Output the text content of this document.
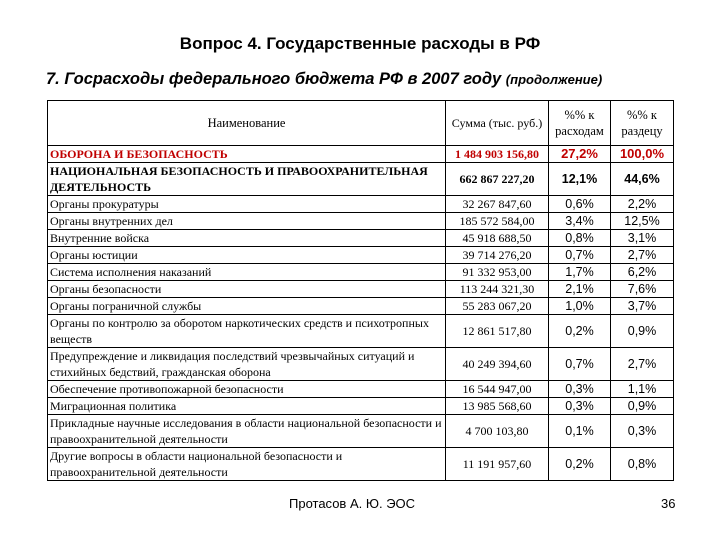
Вопрос 4. Государственные расходы в РФ
7. Госрасходы федерального бюджета РФ в 2007 году (продолжение)
Наименование	Сумма (тыс. руб.)	%% к расходам	%% к раздецу
ОБОРОНА И БЕЗОПАСНОСТЬ	1 484 903 156,80	27,2%	100,0%
НАЦИОНАЛЬНАЯ БЕЗОПАСНОСТЬ И ПРАВООХРАНИТЕЛЬНАЯ ДЕЯТЕЛЬНОСТЬ	662 867 227,20	12,1%	44,6%
Органы прокуратуры	32 267 847,60	0,6%	2,2%
Органы внутренних дел	185 572 584,00	3,4%	12,5%
Внутренние войска	45 918 688,50	0,8%	3,1%
Органы юстиции	39 714 276,20	0,7%	2,7%
Система исполнения наказаний	91 332 953,00	1,7%	6,2%
Органы безопасности	113 244 321,30	2,1%	7,6%
Органы пограничной службы	55 283 067,20	1,0%	3,7%
Органы по контролю за оборотом наркотических средств и психотропных веществ	12 861 517,80	0,2%	0,9%
Предупреждение и ликвидация последствий чрезвычайных ситуаций и стихийных бедствий, гражданская оборона	40 249 394,60	0,7%	2,7%
Обеспечение противопожарной безопасности	16 544 947,00	0,3%	1,1%
Миграционная политика	13 985 568,60	0,3%	0,9%
Прикладные научные исследования в области национальной безопасности и правоохранительной деятельности	4 700 103,80	0,1%	0,3%
Другие вопросы в области национальной безопасности и правоохранительной деятельности	11 191 957,60	0,2%	0,8%
Протасов А. Ю. ЭОС	36
